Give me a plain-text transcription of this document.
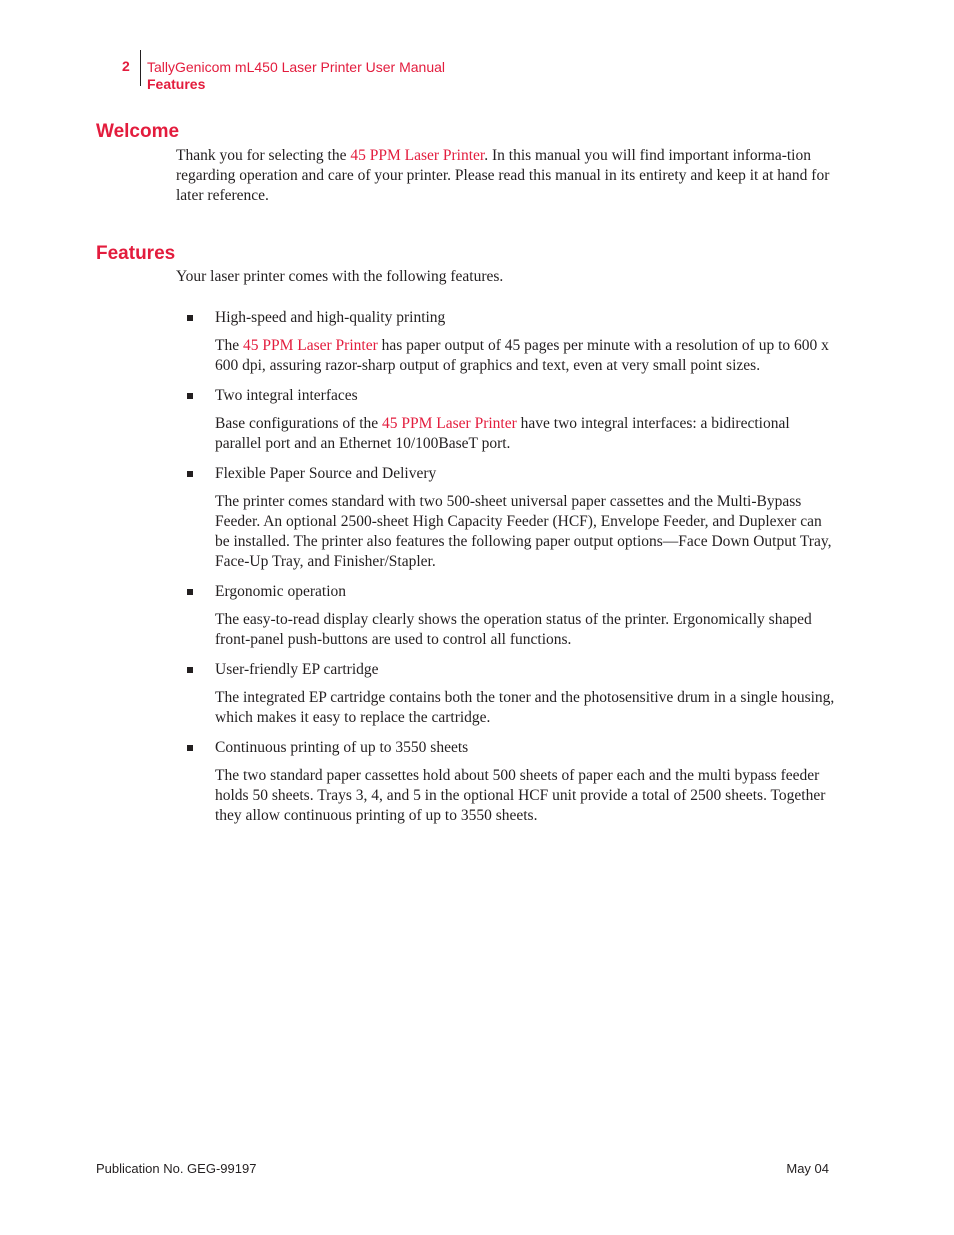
2 TallyGenicom mL450 Laser Printer User Manual
Features
Welcome

Thank you for selecting the 45 PPM Laser Printer. In this manual you will find important informa-tion regarding operation and care of your printer. Please read this manual in its entirety and keep it at hand for later reference.

Features

Your laser printer comes with the following features.

High-speed and high-quality printing

The 45 PPM Laser Printer has paper output of 45 pages per minute with a resolution of up to 600 x 600 dpi, assuring razor-sharp output of graphics and text, even at very small point sizes.

Two integral interfaces

Base configurations of the 45 PPM Laser Printer have two integral interfaces: a bidirectional parallel port and an Ethernet 10/100BaseT port.

Flexible Paper Source and Delivery

The printer comes standard with two 500-sheet universal paper cassettes and the Multi-Bypass Feeder. An optional 2500-sheet High Capacity Feeder (HCF), Envelope Feeder, and Duplexer can be installed. The printer also features the following paper output options—Face Down Output Tray, Face-Up Tray, and Finisher/Stapler.

Ergonomic operation

The easy-to-read display clearly shows the operation status of the printer. Ergonomically shaped front-panel push-buttons are used to control all functions.

User-friendly EP cartridge

The integrated EP cartridge contains both the toner and the photosensitive drum in a single housing, which makes it easy to replace the cartridge.

Continuous printing of up to 3550 sheets

The two standard paper cassettes hold about 500 sheets of paper each and the multi bypass feeder holds 50 sheets. Trays 3, 4, and 5 in the optional HCF unit provide a total of 2500 sheets. Together they allow continuous printing of up to 3550 sheets.

Publication No. GEG-99197	May 04
